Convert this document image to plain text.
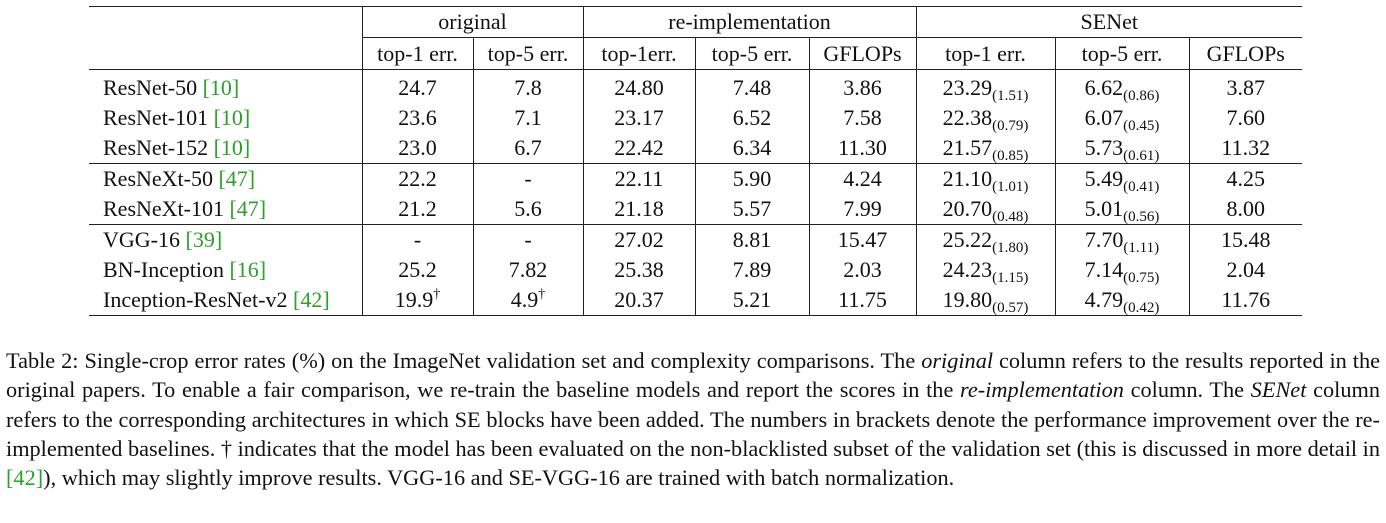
	original		re-implementation			SENet		
	top-1 err.	top-5 err.	top-1err.	top-5 err.	GFLOPs	top-1 err.	top-5 err.	GFLOPs
ResNet-50 [10]	24.7	7.8	24.80	7.48	3.86	$23.29_{(1.51)}$	$6.62_{(0.86)}$	3.87
ResNet-101 [10]	23.6	7.1	23.17	6.52	7.58	$22.38_{(0.79)}$	$6.07_{(0.45)}$	7.60
ResNet-152 [10]	23.0	6.7	22.42	6.34	11.30	$21.57_{(0.85)}$	$5.73_{(0.61)}$	11.32
ResNeXt-50 [47]	22.2	-	22.11	5.90	4.24	$21.10_{(1.01)}$	$5.49_{(0.41)}$	4.25
ResNeXt-101 [47]	21.2	5.6	21.18	5.57	7.99	$20.70_{(0.48)}$	$5.01_{(0.56)}$	8.00
VGG-16 [39]	-	-	27.02	8.81	15.47	$25.22_{(1.80)}$	$7.70_{(1.11)}$	15.48
BN-Inception [16]	25.2	7.82	25.38	7.89	2.03	$24.23_{(1.15)}$	$7.14_{(0.75)}$	2.04
Inception-ResNet-v2 [42]	19.9†	4.9†	20.37	5.21	11.75	$19.80_{(0.57)}$	$4.79_{(0.42)}$	11.76
Table 2: Single-crop error rates (%) on the ImageNet validation set and complexity comparisons. The original column refers to the results reported in the original papers. To enable a fair comparison, we re-train the baseline models and report the scores in the re-implementation column. The SENet column refers to the corresponding architectures in which SE blocks have been added. The numbers in brackets denote the performance improvement over the re-implemented baselines. † indicates that the model has been evaluated on the non-blacklisted subset of the validation set (this is discussed in more detail in [42]), which may slightly improve results. VGG-16 and SE-VGG-16 are trained with batch normalization.
